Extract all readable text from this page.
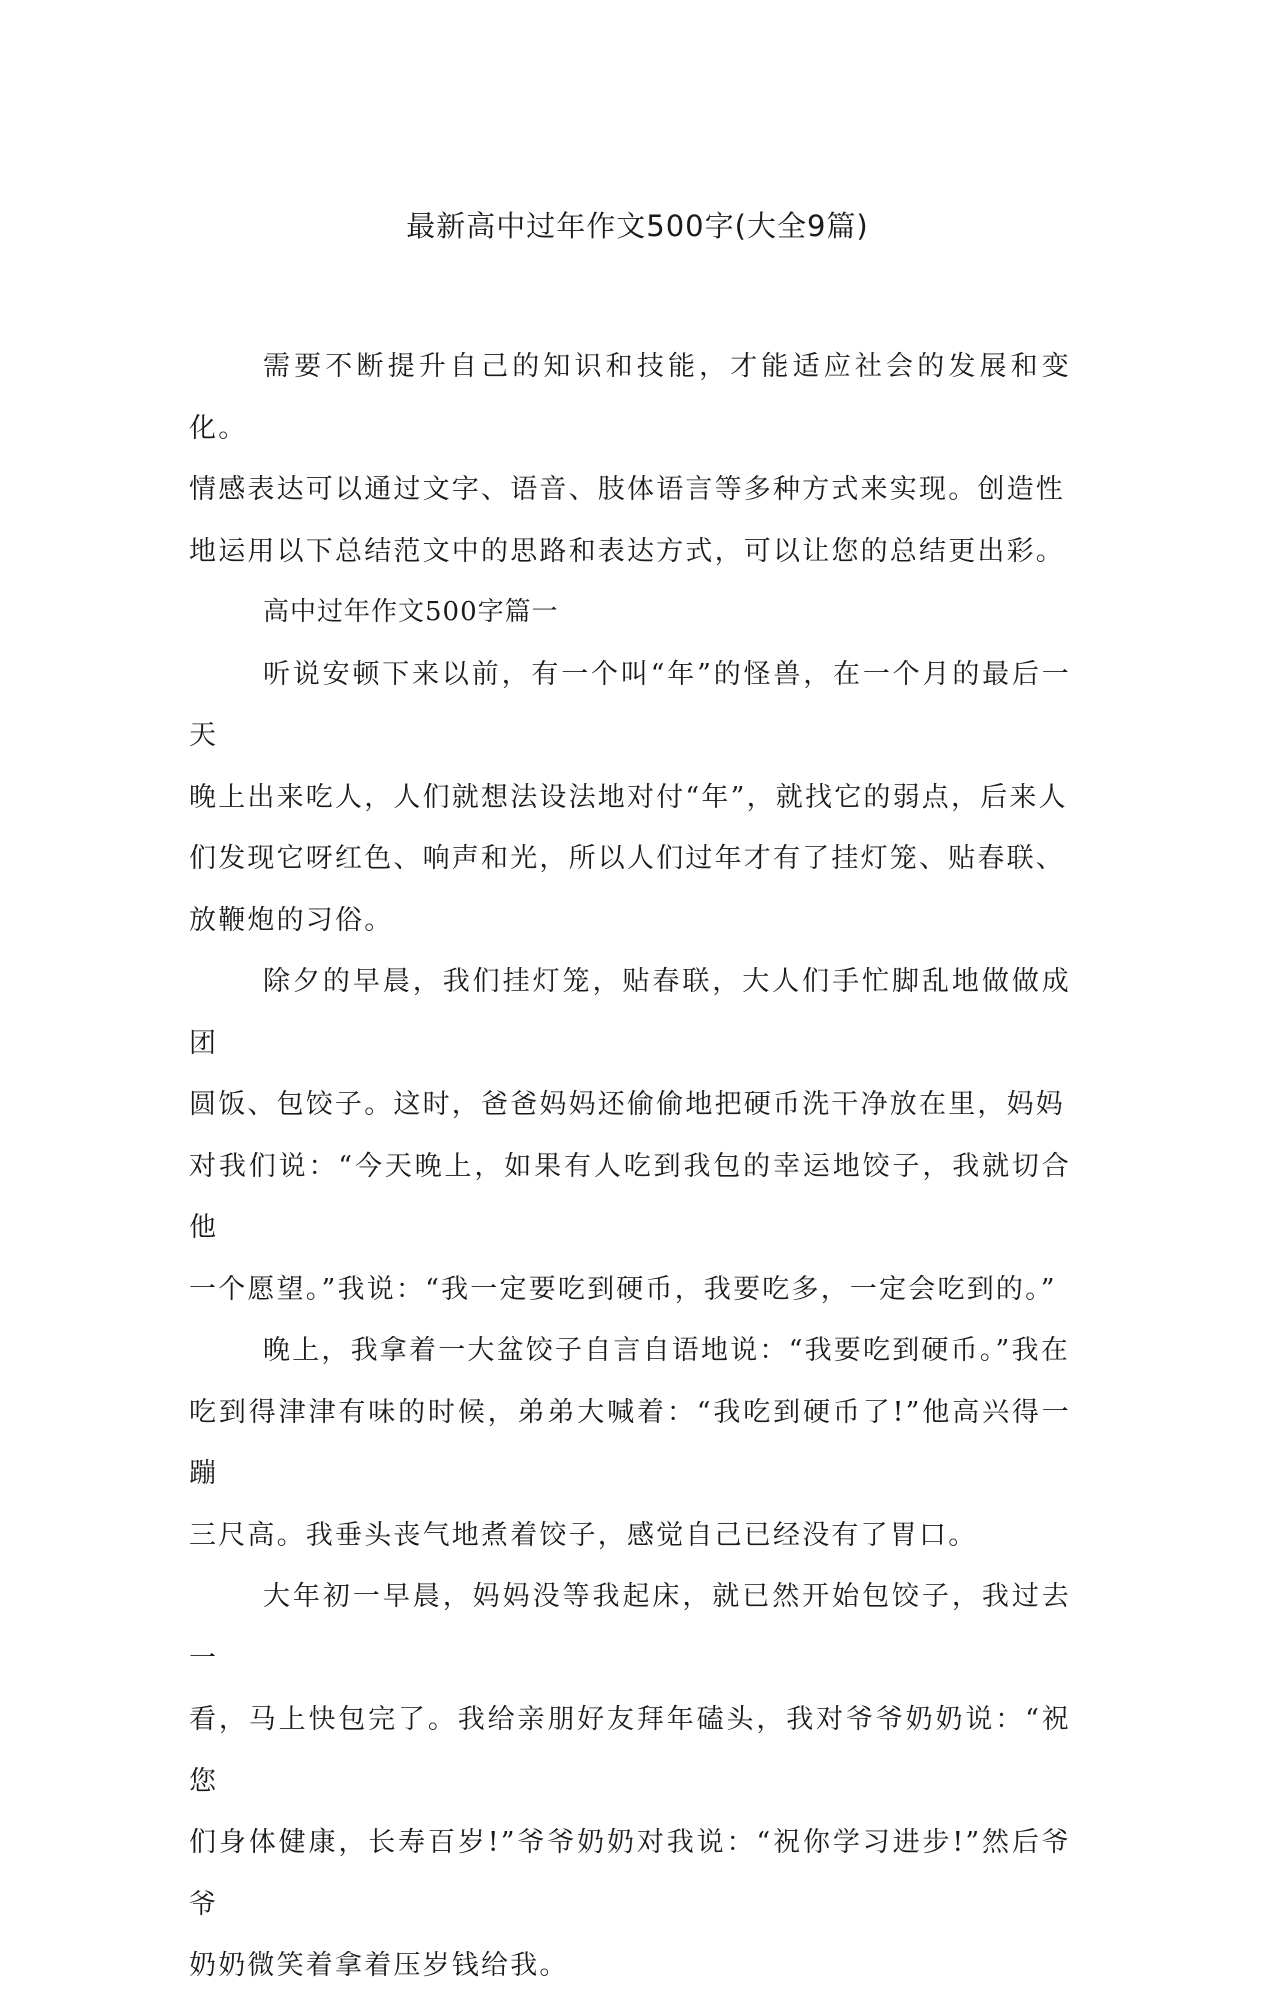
最新高中过年作文500字(大全9篇)

需要不断提升自己的知识和技能，才能适应社会的发展和变化。
情感表达可以通过文字、语音、肢体语言等多种方式来实现。创造性
地运用以下总结范文中的思路和表达方式，可以让您的总结更出彩。

高中过年作文500字篇一

听说安顿下来以前，有一个叫“年”的怪兽，在一个月的最后一天
晚上出来吃人，人们就想法设法地对付“年”，就找它的弱点，后来人
们发现它呀红色、响声和光，所以人们过年才有了挂灯笼、贴春联、
放鞭炮的习俗。

除夕的早晨，我们挂灯笼，贴春联，大人们手忙脚乱地做做成团
圆饭、包饺子。这时，爸爸妈妈还偷偷地把硬币洗干净放在里，妈妈
对我们说：“今天晚上，如果有人吃到我包的幸运地饺子，我就切合他
一个愿望。”我说：“我一定要吃到硬币，我要吃多，一定会吃到的。”

晚上，我拿着一大盆饺子自言自语地说：“我要吃到硬币。”我在
吃到得津津有味的时候，弟弟大喊着：“我吃到硬币了!”他高兴得一蹦
三尺高。我垂头丧气地煮着饺子，感觉自己已经没有了胃口。

大年初一早晨，妈妈没等我起床，就已然开始包饺子，我过去一
看，马上快包完了。我给亲朋好友拜年磕头，我对爷爷奶奶说：“祝您
们身体健康，长寿百岁!”爷爷奶奶对我说：“祝你学习进步!”然后爷爷
奶奶微笑着拿着压岁钱给我。
